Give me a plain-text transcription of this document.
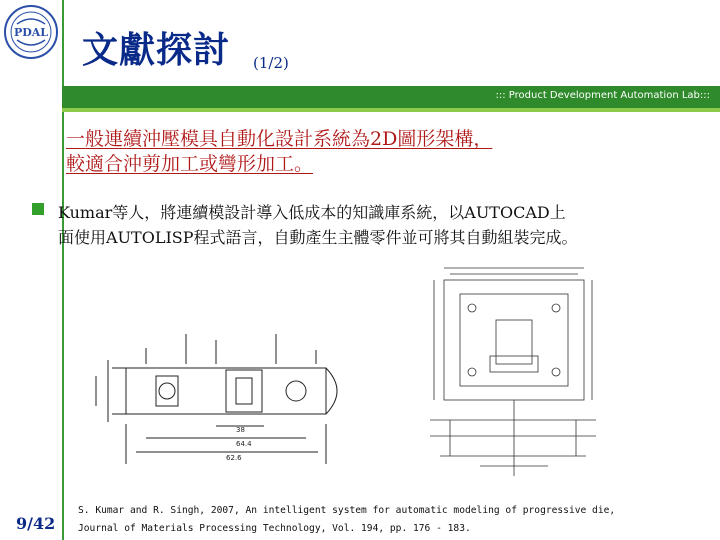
PDAL 文獻探討 (1/2)
::: Product Development Automation Lab:::
一般連續沖壓模具自動化設計系統為2D圖形架構，
較適合沖剪加工或彎形加工。
Kumar等人，將連續模設計導入低成本的知識庫系統，以AUTOCAD上
面使用AUTOLISP程式語言，自動產生主體零件並可將其自動組裝完成。
38
64.4
62.6
9/42
S. Kumar and R. Singh, 2007, An intelligent system for automatic modeling of progressive die,
Journal of Materials Processing Technology, Vol. 194, pp. 176 - 183.
